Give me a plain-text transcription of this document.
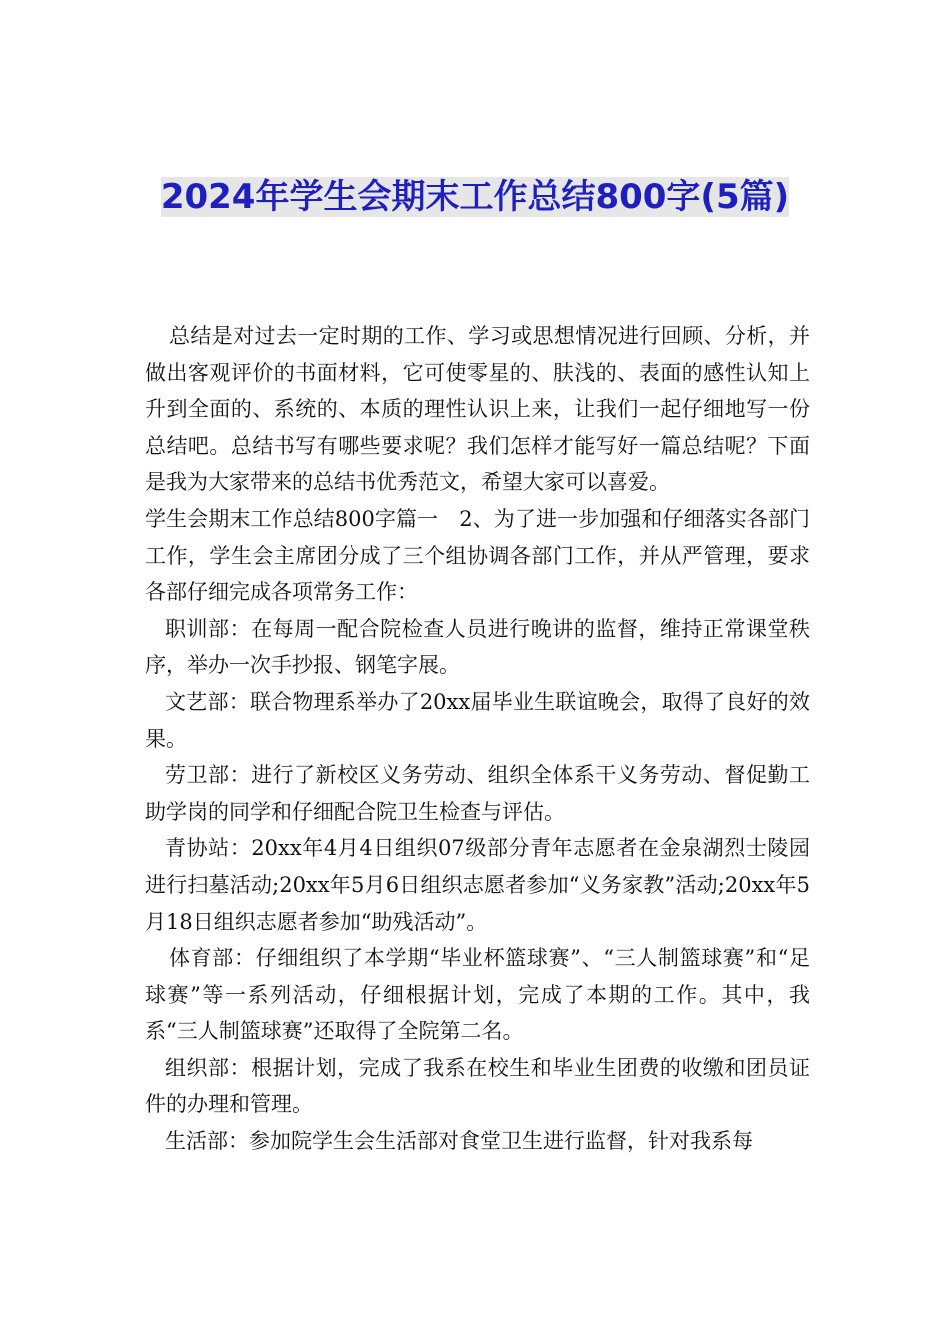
2024年学生会期末工作总结800字(5篇)

总结是对过去一定时期的工作、学习或思想情况进行回顾、分析，并做出客观评价的书面材料，它可使零星的、肤浅的、表面的感性认知上升到全面的、系统的、本质的理性认识上来，让我们一起仔细地写一份总结吧。总结书写有哪些要求呢？我们怎样才能写好一篇总结呢？下面是我为大家带来的总结书优秀范文，希望大家可以喜爱。

学生会期末工作总结800字篇一　2、为了进一步加强和仔细落实各部门工作，学生会主席团分成了三个组协调各部门工作，并从严管理，要求各部仔细完成各项常务工作：

职训部：在每周一配合院检查人员进行晚讲的监督，维持正常课堂秩序，举办一次手抄报、钢笔字展。

文艺部：联合物理系举办了20xx届毕业生联谊晚会，取得了良好的效果。

劳卫部：进行了新校区义务劳动、组织全体系干义务劳动、督促勤工助学岗的同学和仔细配合院卫生检查与评估。

青协站：20xx年4月4日组织07级部分青年志愿者在金泉湖烈士陵园进行扫墓活动;20xx年5月6日组织志愿者参加“义务家教”活动;20xx年5月18日组织志愿者参加“助残活动”。

体育部：仔细组织了本学期“毕业杯篮球赛”、“三人制篮球赛”和“足球赛”等一系列活动，仔细根据计划，完成了本期的工作。其中，我系“三人制篮球赛”还取得了全院第二名。

组织部：根据计划，完成了我系在校生和毕业生团费的收缴和团员证件的办理和管理。

生活部：参加院学生会生活部对食堂卫生进行监督，针对我系每
